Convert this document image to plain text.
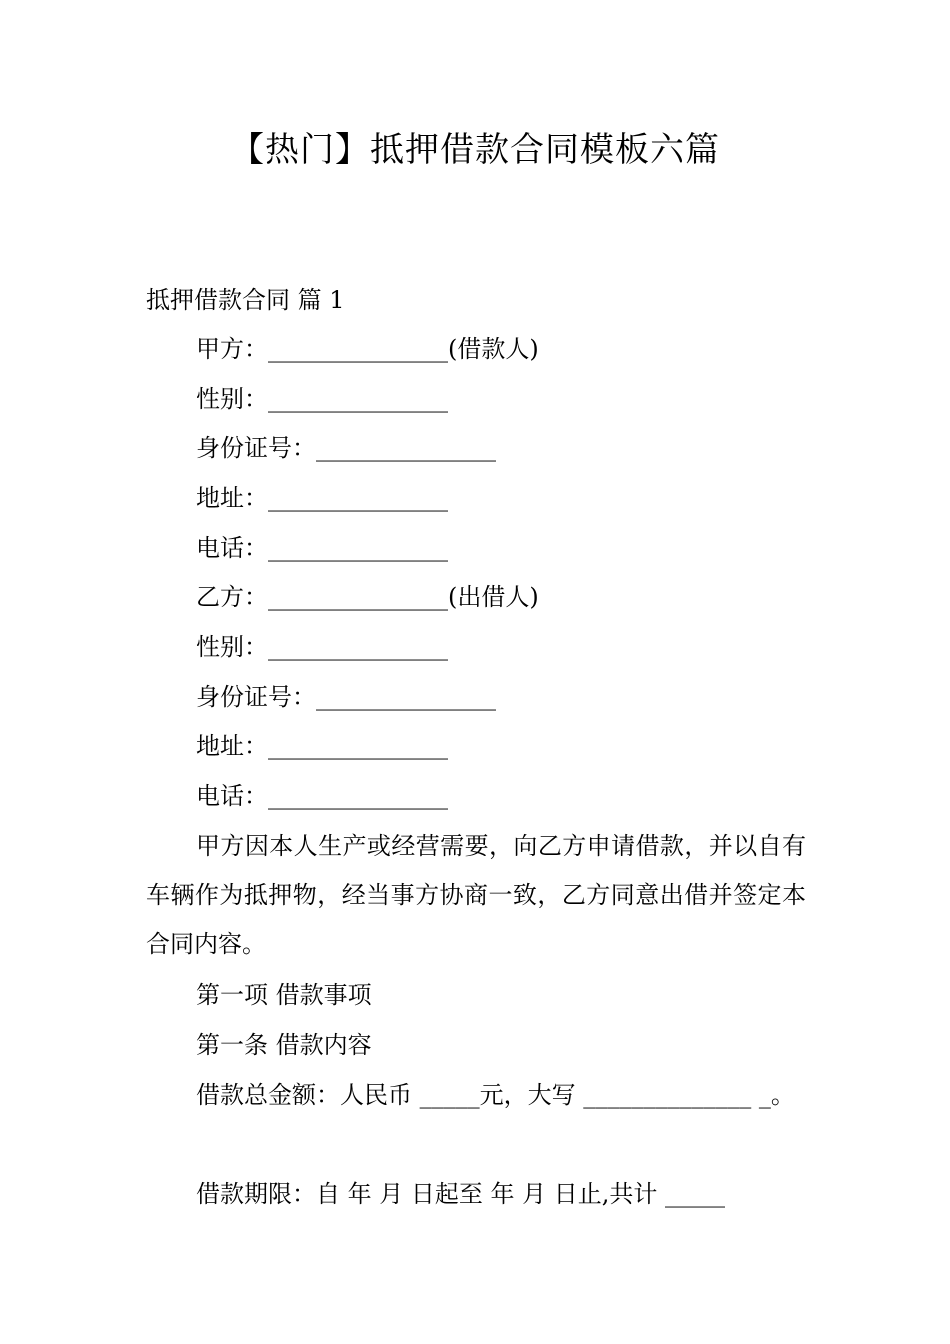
【热门】抵押借款合同模板六篇
抵押借款合同 篇 1
甲方：_______________(借款人)
性别：_______________
身份证号：_______________
地址：_______________
电话：_______________
乙方：_______________(出借人)
性别：_______________
身份证号：_______________
地址：_______________
电话：_______________
甲方因本人生产或经营需要，向乙方申请借款，并以自有车辆作为抵押物，经当事方协商一致，乙方同意出借并签定本合同内容。
第一项 借款事项
第一条 借款内容
借款总金额：人民币 _____元，大写 ______________ _。
借款期限：自 年 月 日起至 年 月 日止,共计 _____
